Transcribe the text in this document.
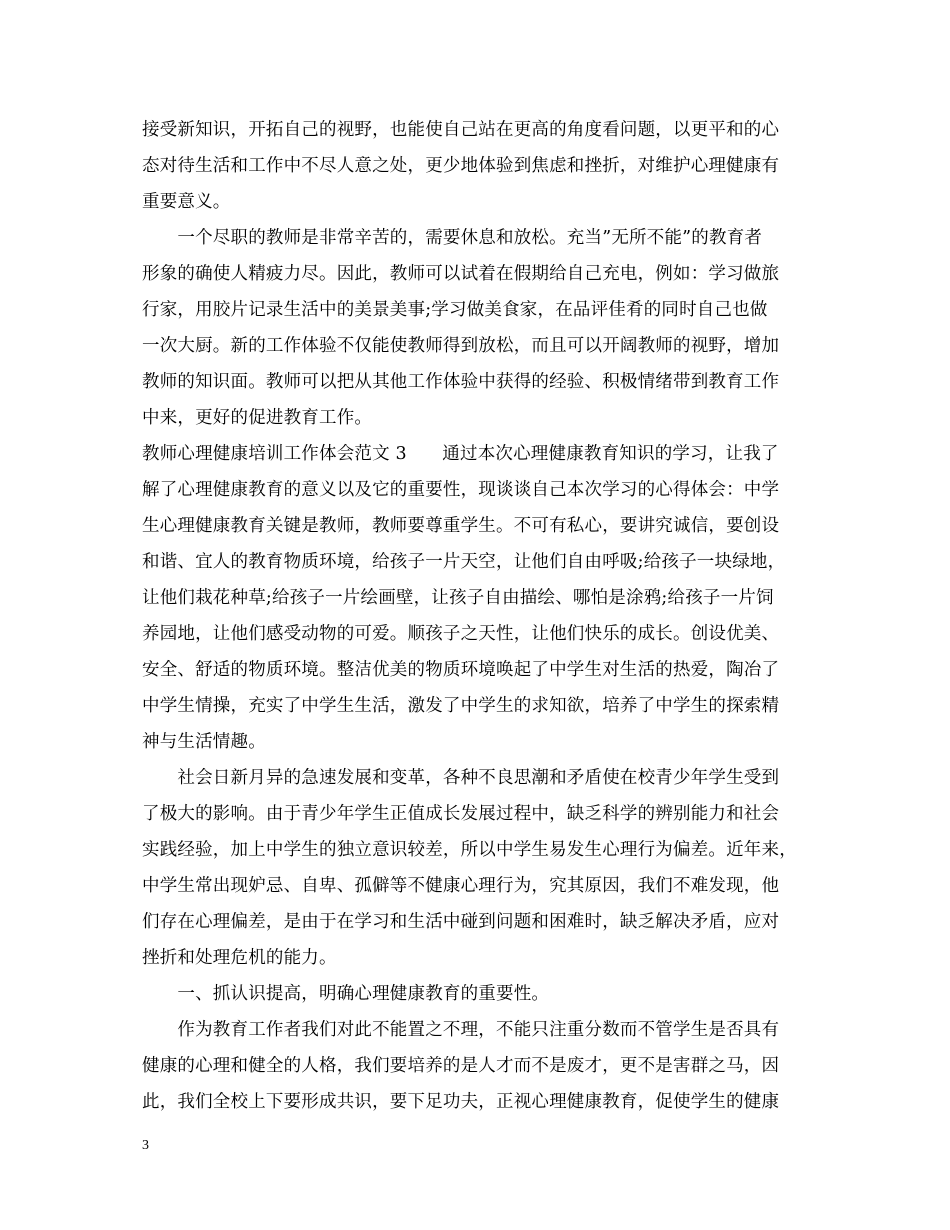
接受新知识，开拓自己的视野，也能使自己站在更高的角度看问题，以更平和的心
态对待生活和工作中不尽人意之处，更少地体验到焦虑和挫折，对维护心理健康有
重要意义。
　　一个尽职的教师是非常辛苦的，需要休息和放松。充当”无所不能”的教育者
形象的确使人精疲力尽。因此，教师可以试着在假期给自己充电，例如：学习做旅
行家，用胶片记录生活中的美景美事;学习做美食家，在品评佳肴的同时自己也做
一次大厨。新的工作体验不仅能使教师得到放松，而且可以开阔教师的视野，增加
教师的知识面。教师可以把从其他工作体验中获得的经验、积极情绪带到教育工作
中来，更好的促进教育工作。
教师心理健康培训工作体会范文 3　　通过本次心理健康教育知识的学习，让我了
解了心理健康教育的意义以及它的重要性，现谈谈自己本次学习的心得体会：中学
生心理健康教育关键是教师，教师要尊重学生。不可有私心，要讲究诚信，要创设
和谐、宜人的教育物质环境，给孩子一片天空，让他们自由呼吸;给孩子一块绿地，
让他们栽花种草;给孩子一片绘画壁，让孩子自由描绘、哪怕是涂鸦;给孩子一片饲
养园地，让他们感受动物的可爱。顺孩子之天性，让他们快乐的成长。创设优美、
安全、舒适的物质环境。整洁优美的物质环境唤起了中学生对生活的热爱，陶冶了
中学生情操，充实了中学生生活，激发了中学生的求知欲，培养了中学生的探索精
神与生活情趣。
　　社会日新月异的急速发展和变革，各种不良思潮和矛盾使在校青少年学生受到
了极大的影响。由于青少年学生正值成长发展过程中，缺乏科学的辨别能力和社会
实践经验，加上中学生的独立意识较差，所以中学生易发生心理行为偏差。近年来，
中学生常出现妒忌、自卑、孤僻等不健康心理行为，究其原因，我们不难发现，他
们存在心理偏差，是由于在学习和生活中碰到问题和困难时，缺乏解决矛盾，应对
挫折和处理危机的能力。
　　一、抓认识提高，明确心理健康教育的重要性。
　　作为教育工作者我们对此不能置之不理，不能只注重分数而不管学生是否具有
健康的心理和健全的人格，我们要培养的是人才而不是废才，更不是害群之马，因
此，我们全校上下要形成共识，要下足功夫，正视心理健康教育，促使学生的健康
3
